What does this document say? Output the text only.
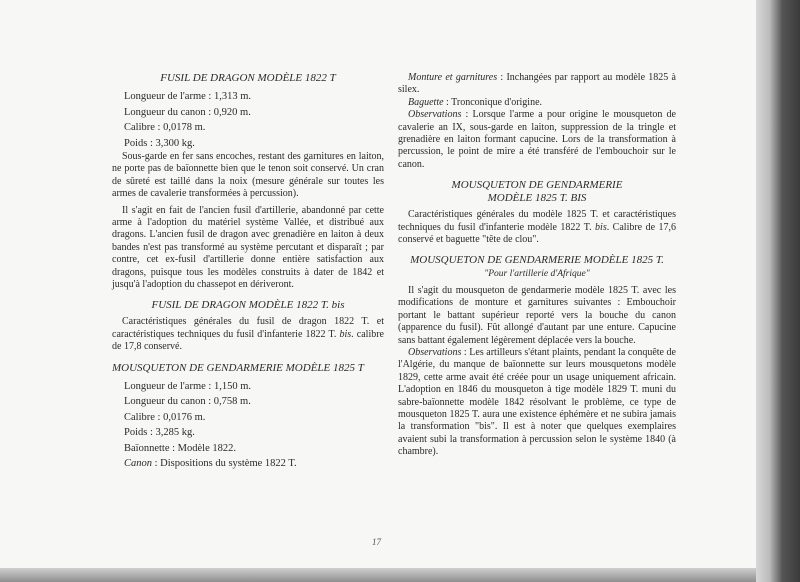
FUSIL DE DRAGON MODÈLE 1822 T
Longueur de l'arme : 1,313 m.
Longueur du canon : 0,920 m.
Calibre : 0,0178 m.
Poids : 3,300 kg.

Sous-garde en fer sans encoches, restant des garnitures en laiton, ne porte pas de baïonnette bien que le tenon soit conservé. Un cran de sûreté est taillé dans la noix (mesure générale sur toutes les armes de cavalerie transformées à percussion).

Il s'agit en fait de l'ancien fusil d'artillerie, abandonné par cette arme à l'adoption du matériel système Vallée, et distribué aux dragons. L'ancien fusil de dragon avec grenadière en laiton à deux bandes n'est pas transformé au système percutant et disparaît ; par contre, cet ex-fusil d'artillerie donne entière satisfaction aux dragons, puisque tous les modèles construits à dater de 1842 et jusqu'à l'adoption du chassepot en dériveront.

FUSIL DE DRAGON MODÈLE 1822 T. bis

Caractéristiques générales du fusil de dragon 1822 T. et caractéristiques techniques du fusil d'infanterie 1822 T. bis. calibre de 17,8 conservé.

MOUSQUETON DE GENDARMERIE MODÈLE 1825 T
Longueur de l'arme : 1,150 m.
Longueur du canon : 0,758 m.
Calibre : 0,0176 m.
Poids : 3,285 kg.
Baïonnette : Modèle 1822.
Canon : Dispositions du système 1822 T.

Monture et garnitures : Inchangées par rapport au modèle 1825 à silex.

Baguette : Tronconique d'origine.

Observations : Lorsque l'arme a pour origine le mousqueton de cavalerie an IX, sous-garde en laiton, suppression de la tringle et grenadière en laiton formant capucine. Lors de la transformation à percussion, le point de mire a été transféré de l'embouchoir sur le canon.

MOUSQUETON DE GENDARMERIE
MODÈLE 1825 T. BIS

Caractéristiques générales du modèle 1825 T. et caractéristiques techniques du fusil d'infanterie modèle 1822 T. bis. Calibre de 17,6 conservé et baguette "tête de clou".

MOUSQUETON DE GENDARMERIE MODÈLE 1825 T.
"Pour l'artillerie d'Afrique"

Il s'agit du mousqueton de gendarmerie modèle 1825 T. avec les modifications de monture et garnitures suivantes : Embouchoir portant le battant supérieur reporté vers la bouche du canon (apparence du fusil). Fût allongé d'autant par une enture. Capucine sans battant également légèrement déplacée vers la bouche.

Observations : Les artilleurs s'étant plaints, pendant la conquête de l'Algérie, du manque de baïonnette sur leurs mousquetons modèle 1829, cette arme avait été créée pour un usage uniquement africain. L'adoption en 1846 du mousqueton à tige modèle 1829 T. muni du sabre-baïonnette modèle 1842 résolvant le problème, ce type de mousqueton 1825 T. aura une existence éphémère et ne subira jamais la transformation "bis". Il est à noter que quelques exemplaires avaient subi la transformation à percussion selon le système 1840 (à chambre).

17
